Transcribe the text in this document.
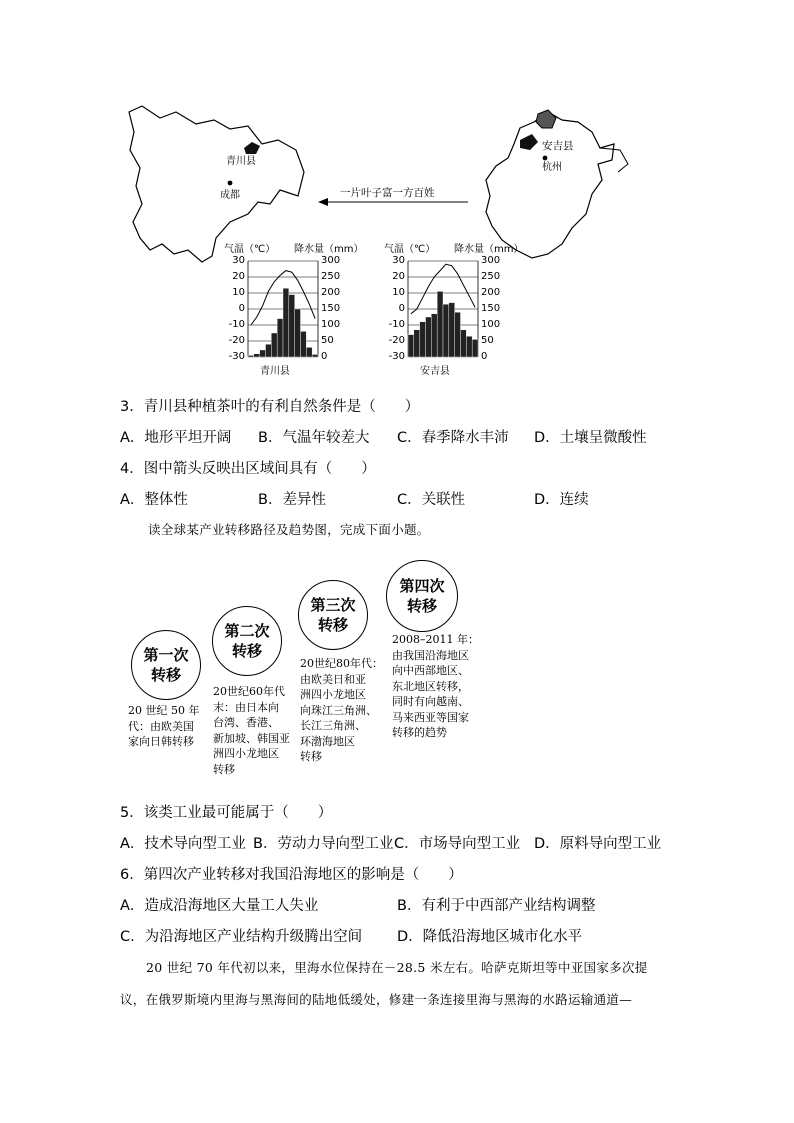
青川县
成都
安吉县
杭州
一片叶子富一方百姓
气温（℃） 降水量（mm）
30
20
10
0
-10
-20
-30
300
250
200
150
100
50
0
青川县
气温（℃） 降水量（mm）
30
20
10
0
-10
-20
-30
300
250
200
150
100
50
0
安吉县
3．青川县种植茶叶的有利自然条件是（　　）
A．地形平坦开阔 B．气温年较差大 C．春季降水丰沛 D．土壤呈微酸性
4．图中箭头反映出区域间具有（　　）
A．整体性	B．差异性	C．关联性	D．连续
读全球某产业转移路径及趋势图，完成下面小题。
第一次
转移
20 世纪 50 年
代：由欧美国
家向日韩转移
第二次
转移
20世纪60年代
末：由日本向
台湾、香港、
新加坡、韩国亚
洲四小龙地区
转移
第三次
转移
20世纪80年代：
由欧美日和亚
洲四小龙地区
向珠江三角洲、
长江三角洲、
环渤海地区
转移
第四次
转移
2008–2011 年：
由我国沿海地区
向中西部地区、
东北地区转移，
同时有向越南、
马来西亚等国家
转移的趋势
5．该类工业最可能属于（　　）
A．技术导向型工业 B．劳动力导向型工业 C．市场导向型工业 D．原料导向型工业
6．第四次产业转移对我国沿海地区的影响是（　　）
A．造成沿海地区大量工人失业	B．有利于中西部产业结构调整
C．为沿海地区产业结构升级腾出空间 D．降低沿海地区城市化水平
20 世纪 70 年代初以来，里海水位保持在－28.5 米左右。哈萨克斯坦等中亚国家多次提
议，在俄罗斯境内里海与黑海间的陆地低缓处，修建一条连接里海与黑海的水路运输通道—
